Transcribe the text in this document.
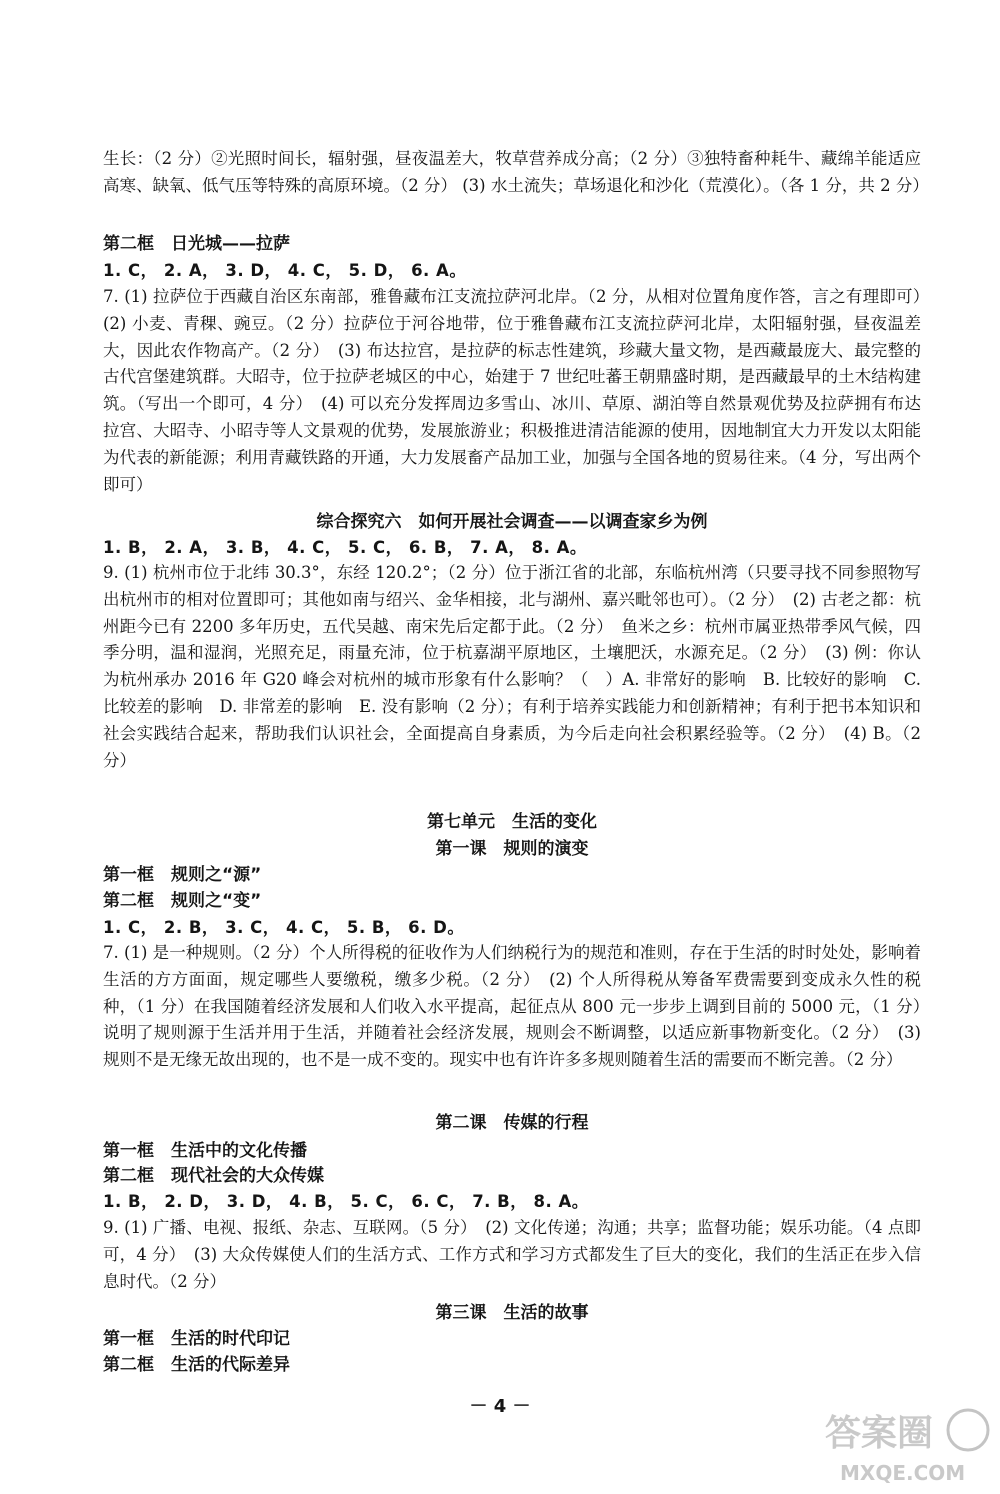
生长：（2 分）②光照时间长，辐射强，昼夜温差大，牧草营养成分高；（2 分）③独特畜种耗牛、藏绵羊能适应高寒、缺氧、低气压等特殊的高原环境。（2 分） (3) 水土流失；草场退化和沙化（荒漠化）。（各 1 分，共 2 分）

第二框　日光城——拉萨

1. C， 2. A， 3. D， 4. C， 5. D， 6. A。

7. (1) 拉萨位于西藏自治区东南部，雅鲁藏布江支流拉萨河北岸。（2 分，从相对位置角度作答，言之有理即可）　(2) 小麦、青稞、豌豆。（2 分）拉萨位于河谷地带，位于雅鲁藏布江支流拉萨河北岸，太阳辐射强，昼夜温差大，因此农作物高产。（2 分）　(3) 布达拉宫，是拉萨的标志性建筑，珍藏大量文物，是西藏最庞大、最完整的古代宫堡建筑群。大昭寺，位于拉萨老城区的中心，始建于 7 世纪吐蕃王朝鼎盛时期，是西藏最早的土木结构建筑。（写出一个即可，4 分）　(4) 可以充分发挥周边多雪山、冰川、草原、湖泊等自然景观优势及拉萨拥有布达拉宫、大昭寺、小昭寺等人文景观的优势，发展旅游业；积极推进清洁能源的使用，因地制宜大力开发以太阳能为代表的新能源；利用青藏铁路的开通，大力发展畜产品加工业，加强与全国各地的贸易往来。（4 分，写出两个即可）

综合探究六　如何开展社会调查——以调查家乡为例

1. B， 2. A， 3. B， 4. C， 5. C， 6. B， 7. A， 8. A。

9. (1) 杭州市位于北纬 30.3°，东经 120.2°；（2 分）位于浙江省的北部，东临杭州湾（只要寻找不同参照物写出杭州市的相对位置即可；其他如南与绍兴、金华相接，北与湖州、嘉兴毗邻也可）。（2 分）　(2) 古老之都：杭州距今已有 2200 多年历史，五代吴越、南宋先后定都于此。（2 分）　鱼米之乡：杭州市属亚热带季风气候，四季分明，温和湿润，光照充足，雨量充沛，位于杭嘉湖平原地区，土壤肥沃，水源充足。（2 分）　(3) 例：你认为杭州承办 2016 年 G20 峰会对杭州的城市形象有什么影响？（　）A. 非常好的影响　B. 比较好的影响　C. 比较差的影响　D. 非常差的影响　E. 没有影响（2 分）；有利于培养实践能力和创新精神；有利于把书本知识和社会实践结合起来，帮助我们认识社会，全面提高自身素质，为今后走向社会积累经验等。（2 分）　(4) B。（2 分）

第七单元　生活的变化

第一课　规则的演变

第一框　规则之“源”

第二框　规则之“变”

1. C， 2. B， 3. C， 4. C， 5. B， 6. D。

7. (1) 是一种规则。（2 分）个人所得税的征收作为人们纳税行为的规范和准则，存在于生活的时时处处，影响着生活的方方面面，规定哪些人要缴税，缴多少税。（2 分）　(2) 个人所得税从筹备军费需要到变成永久性的税种，（1 分）在我国随着经济发展和人们收入水平提高，起征点从 800 元一步步上调到目前的 5000 元，（1 分）说明了规则源于生活并用于生活，并随着社会经济发展，规则会不断调整，以适应新事物新变化。（2 分）　(3) 规则不是无缘无故出现的，也不是一成不变的。现实中也有许许多多规则随着生活的需要而不断完善。（2 分）

第二课　传媒的行程

第一框　生活中的文化传播

第二框　现代社会的大众传媒

1. B， 2. D， 3. D， 4. B， 5. C， 6. C， 7. B， 8. A。

9. (1) 广播、电视、报纸、杂志、互联网。（5 分）　(2) 文化传递；沟通；共享；监督功能；娱乐功能。（4 点即可，4 分）　(3) 大众传媒使人们的生活方式、工作方式和学习方式都发生了巨大的变化，我们的生活正在步入信息时代。（2 分）

第三课　生活的故事

第一框　生活的时代印记

第二框　生活的代际差异

－ 4 －
答案圈
MXQE.COM
